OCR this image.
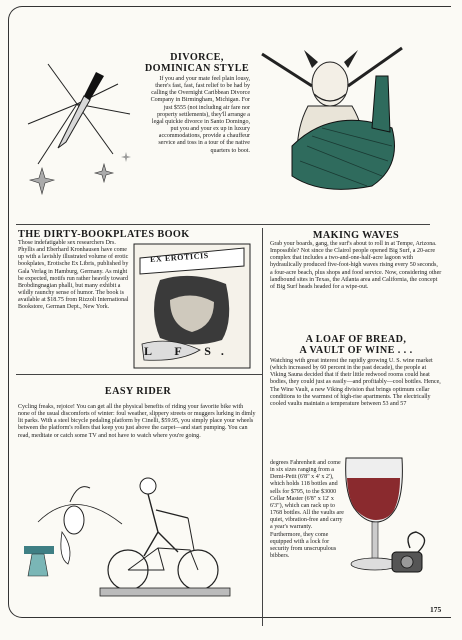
DIVORCE,
DOMINICAN STYLE

If you and your mate feel plain lousy, there's fast, fast, fast relief to be had by calling the Overnight Caribbean Divorce Company in Birmingham, Michigan. For just $555 (not including air fare nor property settlements), they'll arrange a legal quickie divorce in Santo Domingo, put you and your ex up in luxury accommodations, provide a chauffeur service and toss in a tour of the native quarters to boot.

THE DIRTY-BOOKPLATES BOOK

Those indefatigable sex researchers Drs. Phyllis and Eberhard Kronhausen have come up with a lavishly illustrated volume of erotic bookplates, Erotische Ex Libris, published by Gala Verlag in Hamburg, Germany. As might be expected, motifs run rather heavily toward Brobdingnagian phalli, but many exhibit a wildly raunchy sense of humor. The book is available at $18.75 from Rizzoli International Bookstore, German Dept., New York.

EX EROTICIS
L F S.
MAKING WAVES

Grab your boards, gang, the surf's about to roll in at Tempe, Arizona. Impossible? Not since the Clairol people opened Big Surf, a 20-acre complex that includes a two-and-one-half-acre lagoon with hydraulically produced five-foot-high waves rising every 50 seconds, a four-acre beach, plus shops and food service. Now, considering other landbound sites in Texas, the Atlanta area and California, the concept of Big Surf heads headed for a wipe-out.

A LOAF OF BREAD,
A VAULT OF WINE . . .

Watching with great interest the rapidly growing U. S. wine market (which increased by 60 percent in the past decade), the people at Viking Sauna decided that if their little redwood rooms could heat bodies, they could just as easily—and profitably—cool bottles. Hence, The Wine Vault, a new Viking division that brings optimum cellar conditions to the warmest of high-rise apartments. The electrically cooled vaults maintain a temperature between 53 and 57

degrees Fahrenheit and come in six sizes ranging from a Demi-Petit (6'8" x 4' x 2'), which holds 118 bottles and sells for $795, to the $3000 Cellar Master (6'8" x 12' x 6'3"), which can rack up to 1768 bottles. All the vaults are quiet, vibration-free and carry a year's warranty. Furthermore, they come equipped with a lock for security from unscrupulous bibbers.

EASY RIDER

Cycling freaks, rejoice! You can get all the physical benefits of riding your favorite bike with none of the usual discomforts of winter: foul weather, slippery streets or muggers lurking in dimly lit parks. With a steel bicycle pedaling platform by Cinelli, $59.95, you simply place your wheels between the platform's rollers that keep you just above the carpet—and start pumping. You can read, meditate or catch some TV and not have to watch where you're going.

175
